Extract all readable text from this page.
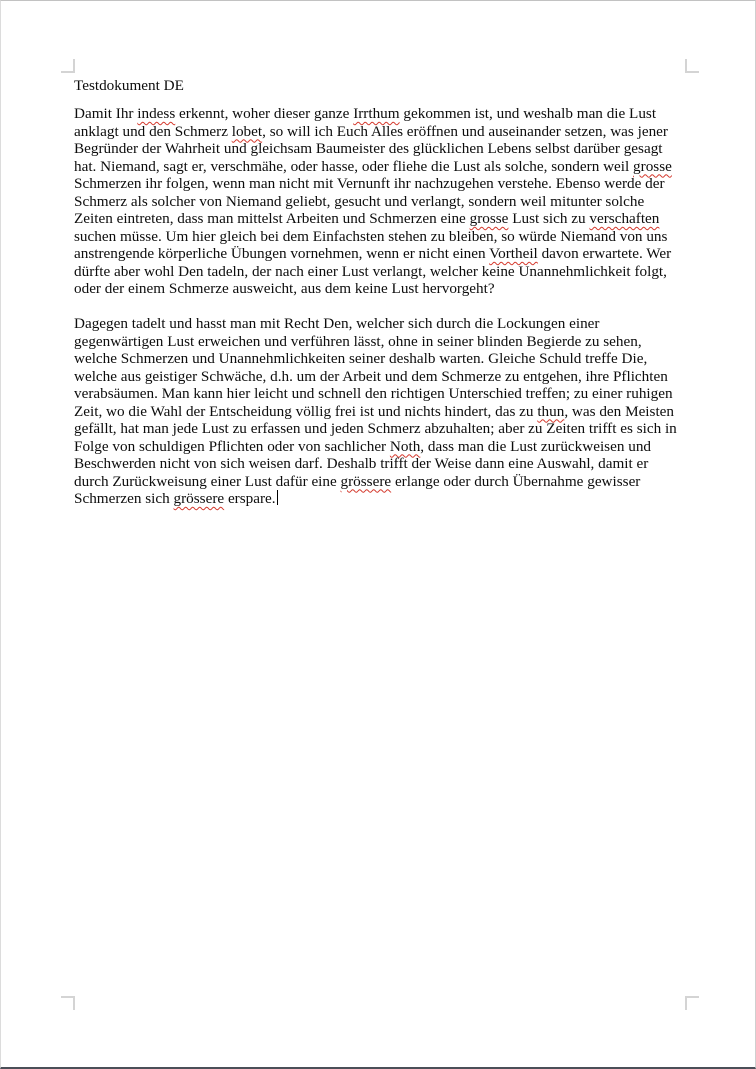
Testdokument DE
Damit Ihr indess erkennt, woher dieser ganze Irrthum gekommen ist, und weshalb man die Lust
anklagt und den Schmerz lobet, so will ich Euch Alles eröffnen und auseinander setzen, was jener
Begründer der Wahrheit und gleichsam Baumeister des glücklichen Lebens selbst darüber gesagt
hat. Niemand, sagt er, verschmähe, oder hasse, oder fliehe die Lust als solche, sondern weil grosse
Schmerzen ihr folgen, wenn man nicht mit Vernunft ihr nachzugehen verstehe. Ebenso werde der
Schmerz als solcher von Niemand geliebt, gesucht und verlangt, sondern weil mitunter solche
Zeiten eintreten, dass man mittelst Arbeiten und Schmerzen eine grosse Lust sich zu verschaften
suchen müsse. Um hier gleich bei dem Einfachsten stehen zu bleiben, so würde Niemand von uns
anstrengende körperliche Übungen vornehmen, wenn er nicht einen Vortheil davon erwartete. Wer
dürfte aber wohl Den tadeln, der nach einer Lust verlangt, welcher keine Unannehmlichkeit folgt,
oder der einem Schmerze ausweicht, aus dem keine Lust hervorgeht?
Dagegen tadelt und hasst man mit Recht Den, welcher sich durch die Lockungen einer
gegenwärtigen Lust erweichen und verführen lässt, ohne in seiner blinden Begierde zu sehen,
welche Schmerzen und Unannehmlichkeiten seiner deshalb warten. Gleiche Schuld treffe Die,
welche aus geistiger Schwäche, d.h. um der Arbeit und dem Schmerze zu entgehen, ihre Pflichten
verabsäumen. Man kann hier leicht und schnell den richtigen Unterschied treffen; zu einer ruhigen
Zeit, wo die Wahl der Entscheidung völlig frei ist und nichts hindert, das zu thun, was den Meisten
gefällt, hat man jede Lust zu erfassen und jeden Schmerz abzuhalten; aber zu Zeiten trifft es sich in
Folge von schuldigen Pflichten oder von sachlicher Noth, dass man die Lust zurückweisen und
Beschwerden nicht von sich weisen darf. Deshalb trifft der Weise dann eine Auswahl, damit er
durch Zurückweisung einer Lust dafür eine grössere erlange oder durch Übernahme gewisser
Schmerzen sich grössere erspare.
